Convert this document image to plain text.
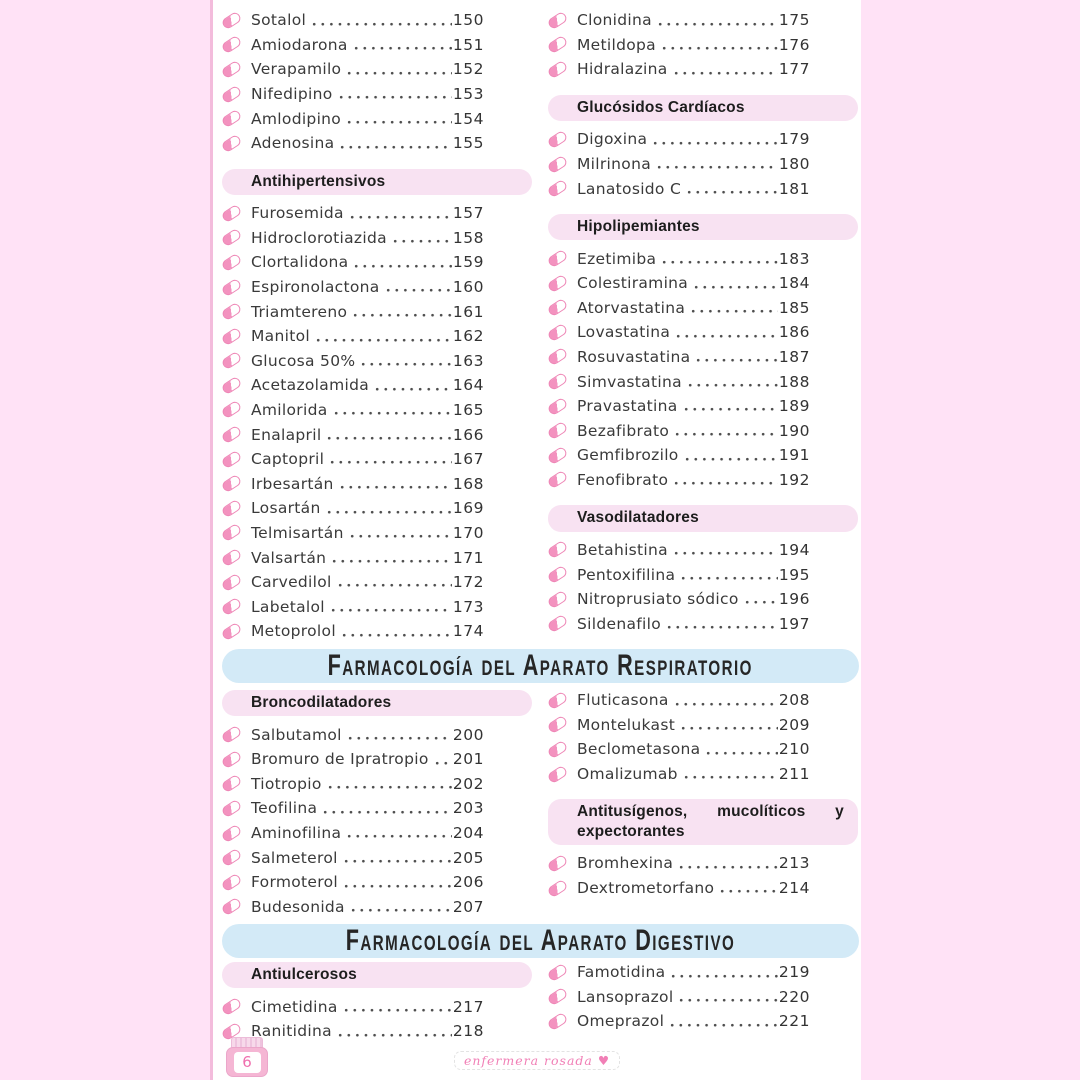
6	enfermera rosada ♥
Sotalol	150
Amiodarona	151
Verapamilo	152
Nifedipino	153
Amlodipino	154
Adenosina	155
Antihipertensivos
Furosemida	157
Hidroclorotiazida	158
Clortalidona	159
Espironolactona	160
Triamtereno	161
Manitol	162
Glucosa 50%	163
Acetazolamida	164
Amilorida	165
Enalapril	166
Captopril	167
Irbesartán	168
Losartán	169
Telmisartán	170
Valsartán	171
Carvedilol	172
Labetalol	173
Metoprolol	174
Clonidina	175
Metildopa	176
Hidralazina	177
Glucósidos Cardíacos
Digoxina	179
Milrinona	180
Lanatosido C	181
Hipolipemiantes
Ezetimiba	183
Colestiramina	184
Atorvastatina	185
Lovastatina	186
Rosuvastatina	187
Simvastatina	188
Pravastatina	189
Bezafibrato	190
Gemfibrozilo	191
Fenofibrato	192
Vasodilatadores
Betahistina	194
Pentoxifilina	195
Nitroprusiato sódico	196
Sildenafilo	197
Farmacología del Aparato Respiratorio
Broncodilatadores
Salbutamol	200
Bromuro de Ipratropio 201
Tiotropio	202
Teofilina	203
Aminofilina	204
Salmeterol	205
Formoterol	206
Budesonida	207
Fluticasona	208
Montelukast	209
Beclometasona	210
Omalizumab	211
Antitusígenos, mucolíticos y
expectorantes
Bromhexina	213
Dextrometorfano	214
Farmacología del Aparato Digestivo
Antiulcerosos
Cimetidina	217
Ranitidina	218
Famotidina	219
Lansoprazol	220
Omeprazol	221
